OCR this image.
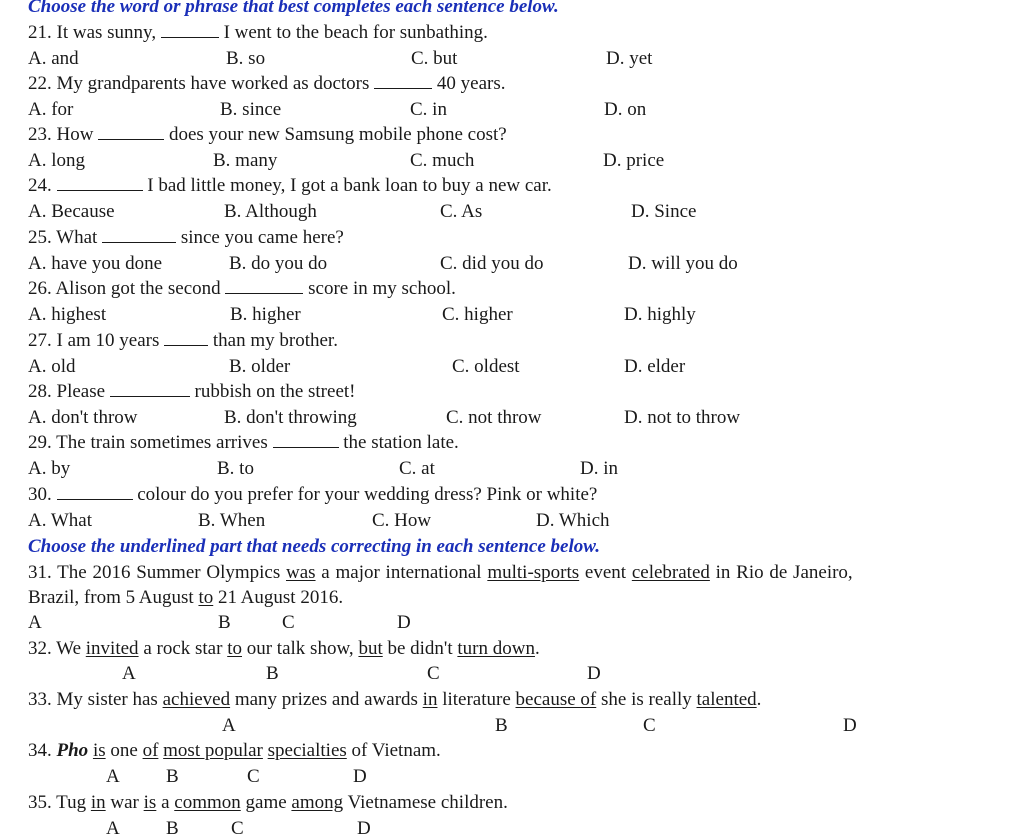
Choose the word or phrase that best completes each sentence below.
21. It was sunny,	I went to the beach for sunbathing.
A. and	B. so	C. but	D. yet
22. My grandparents have worked as doctors	40 years.
A. for	B. since	C. in	D. on
23. How	does your new Samsung mobile phone cost?
A. long	B. many	C. much	D. price
24.	I bad little money, I got a bank loan to buy a new car.
A. Because	B. Although	C. As	D. Since
25. What	since you came here?
A. have you done	B. do you do	C. did you do	D. will you do
26. Alison got the second	score in my school.
A. highest	B. higher	C. higher	D. highly
27. I am 10 years	than my brother.
A. old	B. older	C. oldest	D. elder
28. Please	rubbish on the street!
A. don't throw	B. don't throwing	C. not throw	D. not to throw
29. The train sometimes arrives	the station late.
A. by	B. to	C. at	D. in
30.	colour do you prefer for your wedding dress? Pink or white?
A. What	B. When	C. How	D. Which
Choose the underlined part that needs correcting in each sentence below.
31. The 2016 Summer Olympics was a major international multi-sports event celebrated in Rio de Janeiro,
Brazil, from 5 August to 21 August 2016.
A	B	C	D
32. We invited a rock star to our talk show, but be didn't turn down.
A	B	C	D
33. My sister has achieved many prizes and awards in literature because of she is really talented.
A	B	C	D
34. Pho is one of most popular specialties of Vietnam.
A B	C	D
35. Tug in war is a common game among Vietnamese children.
A B	C	D
